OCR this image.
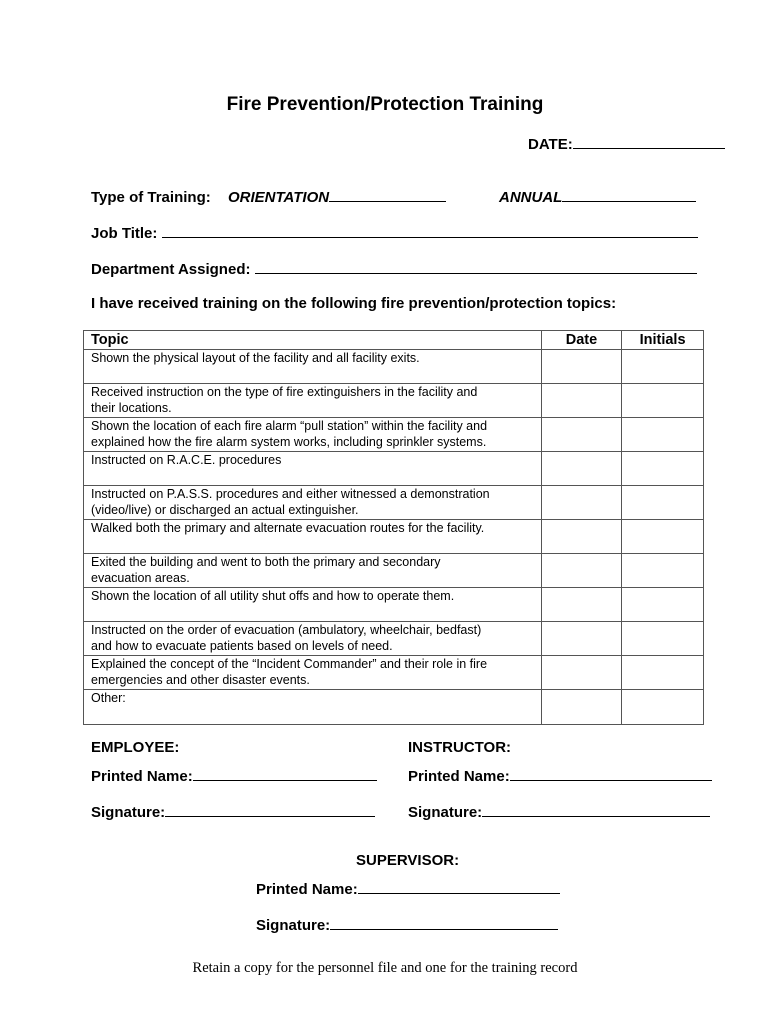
Fire Prevention/Protection Training
DATE:
Type of Training: ORIENTATION	ANNUAL
Job Title:
Department Assigned:
I have received training on the following fire prevention/protection topics:
Topic	Date	Initials
Shown the physical layout of the facility and all facility exits.

Received instruction on the type of fire extinguishers in the facility and
their locations.		
Shown the location of each fire alarm “pull station” within the facility and
explained how the fire alarm system works, including sprinkler systems.		
Instructed on R.A.C.E. procedures

Instructed on P.A.S.S. procedures and either witnessed a demonstration
(video/live) or discharged an actual extinguisher.		
Walked both the primary and alternate evacuation routes for the facility.

Exited the building and went to both the primary and secondary
evacuation areas.		
Shown the location of all utility shut offs and how to operate them.

Instructed on the order of evacuation (ambulatory, wheelchair, bedfast)
and how to evacuate patients based on levels of need.		
Explained the concept of the “Incident Commander” and their role in fire
emergencies and other disaster events.		
Other:

EMPLOYEE:	INSTRUCTOR:
Printed Name:	Printed Name:
Signature:	Signature:
SUPERVISOR:
Printed Name:
Signature:
Retain a copy for the personnel file and one for the training record
